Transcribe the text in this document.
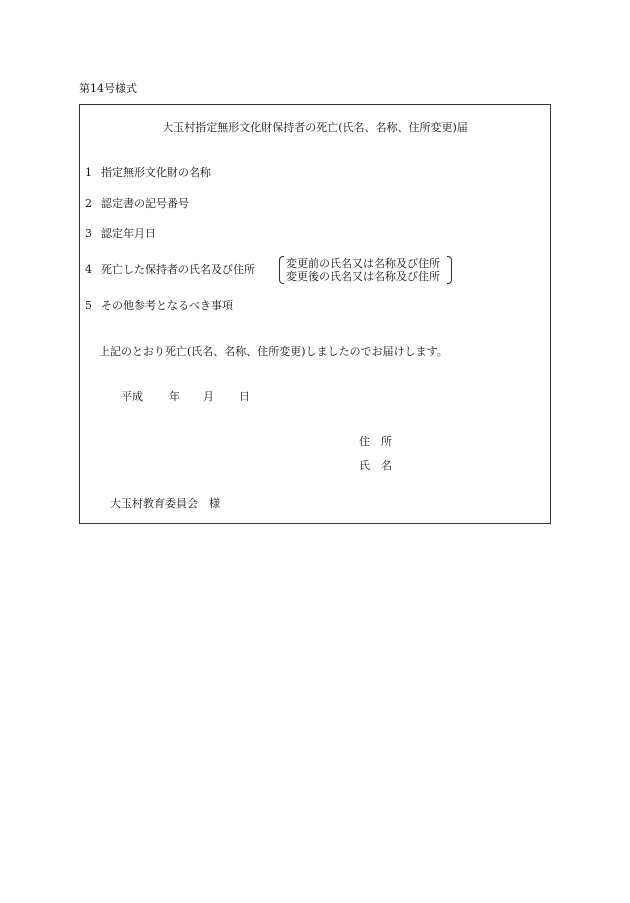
第14号様式
大玉村指定無形文化財保持者の死亡(氏名、名称、住所変更)届
1 指定無形文化財の名称
2 認定書の記号番号
3 認定年月日
4 死亡した保持者の氏名及び住所	変更前の氏名又は名称及び住所
変更後の氏名又は名称及び住所
5 その他参考となるべき事項
上記のとおり死亡(氏名、名称、住所変更)しましたのでお届けします。
平成 年 月 日
住　所
氏　名
大玉村教育委員会　様
